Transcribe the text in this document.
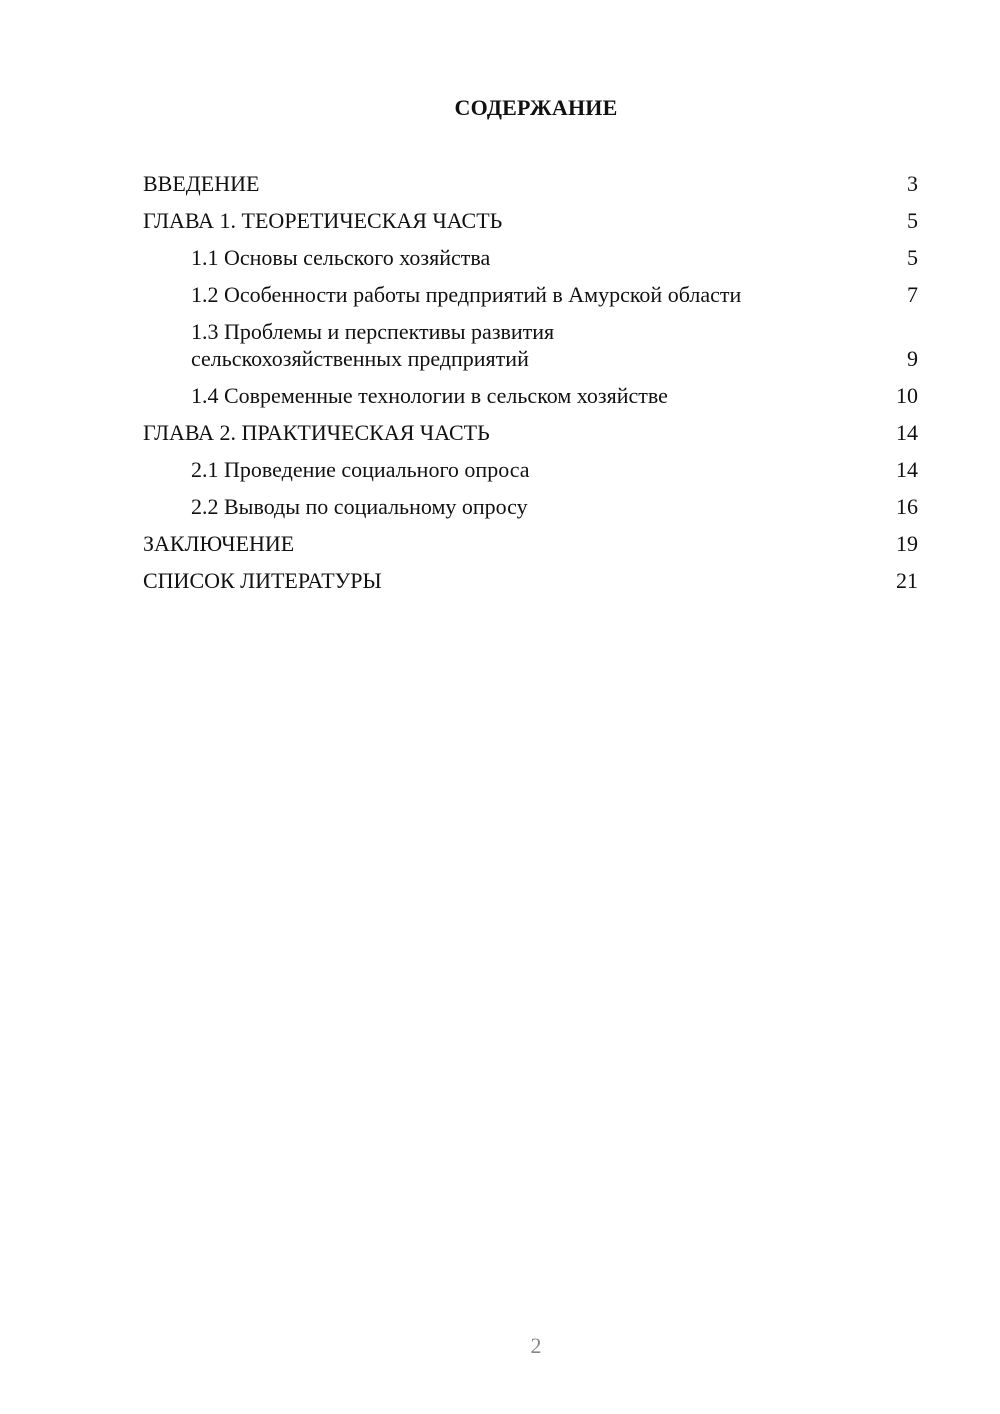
СОДЕРЖАНИЕ
ВВЕДЕНИЕ	3
ГЛАВА 1. ТЕОРЕТИЧЕСКАЯ ЧАСТЬ	5
1.1 Основы сельского хозяйства	5
1.2 Особенности работы предприятий в Амурской области	7
1.3 Проблемы и перспективы развития
сельскохозяйственных предприятий	9
1.4 Современные технологии в сельском хозяйстве	10
ГЛАВА 2. ПРАКТИЧЕСКАЯ ЧАСТЬ	14
2.1 Проведение социального опроса	14
2.2 Выводы по социальному опросу	16
ЗАКЛЮЧЕНИЕ	19
СПИСОК ЛИТЕРАТУРЫ	21
2
